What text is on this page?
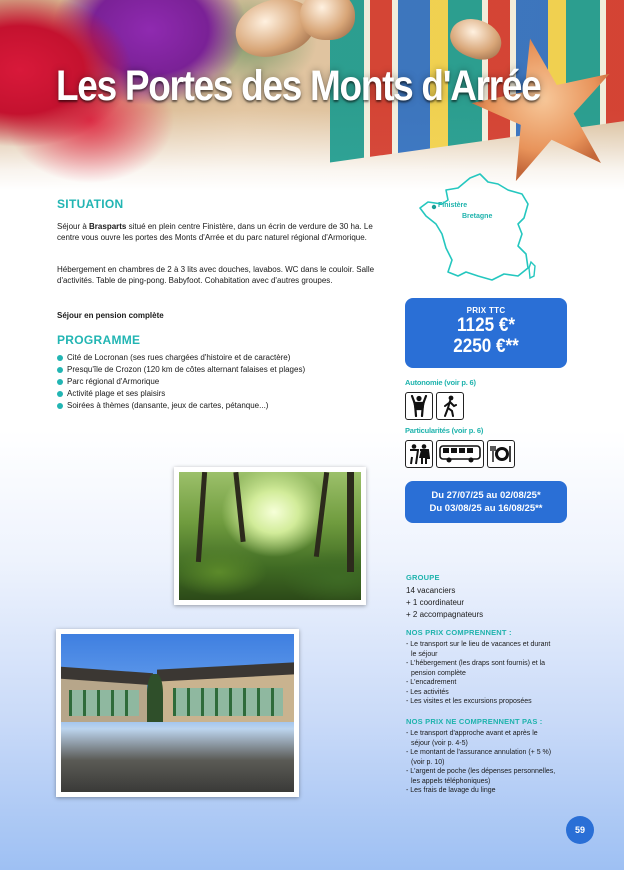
Les Portes des Monts d'Arrée
SITUATION
Séjour à Brasparts situé en plein centre Finistère, dans un écrin de verdure de 30 ha. Le centre vous ouvre les portes des Monts d'Arrée et du parc naturel régional d'Armorique.
Hébergement en chambres de 2 à 3 lits avec douches, lavabos. WC dans le couloir. Salle d'activités. Table de ping-pong. Babyfoot. Cohabitation avec d'autres groupes.
Séjour en pension complète
PROGRAMME
Cité de Locronan (ses rues chargées d'histoire et de caractère)
Presqu'île de Crozon (120 km de côtes alternant falaises et plages)
Parc régional d'Armorique
Activité plage et ses plaisirs
Soirées à thèmes (dansante, jeux de cartes, pétanque...)
Finistère
Bretagne
PRIX TTC
1125 €*
2250 €**
Autonomie (voir p. 6)
Particularités (voir p. 6)
Du 27/07/25 au 02/08/25*
Du 03/08/25 au 16/08/25**
GROUPE
14 vacanciers
+ 1 coordinateur
+ 2 accompagnateurs
NOS PRIX COMPRENNENT :
- Le transport sur le lieu de vacances et durant le séjour
- L'hébergement (les draps sont fournis) et la pension complète
- L'encadrement
- Les activités
- Les visites et les excursions proposées
NOS PRIX NE COMPRENNENT PAS :
- Le transport d'approche avant et après le séjour (voir p. 4-5)
- Le montant de l'assurance annulation (+ 5 %) (voir p. 10)
- L'argent de poche (les dépenses personnelles, les appels téléphoniques)
- Les frais de lavage du linge
59
